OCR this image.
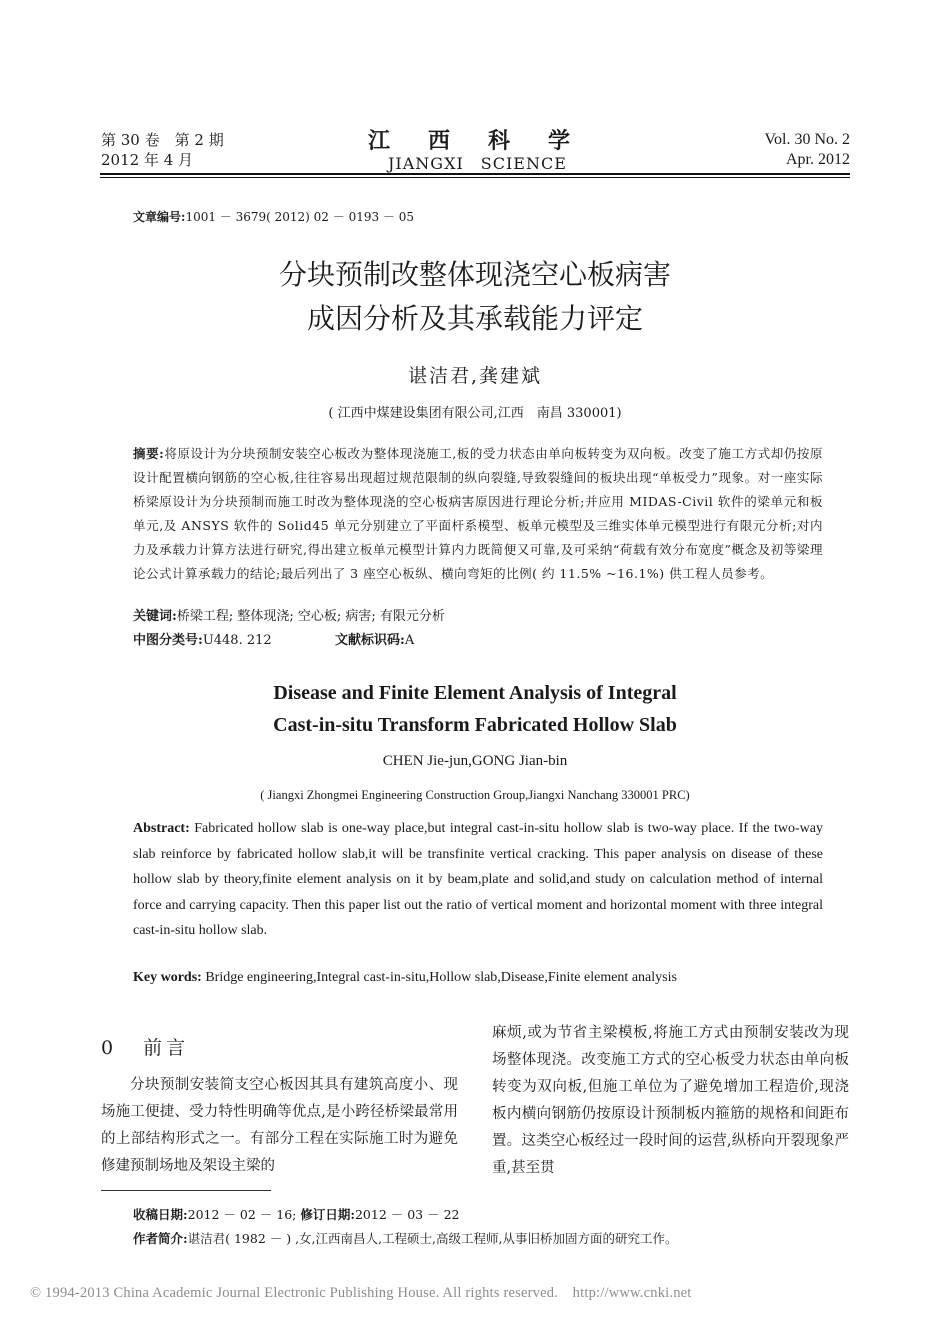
第 30 卷　第 2 期
2012 年 4 月
江西科学
JIANGXI　SCIENCE
Vol. 30 No. 2
Apr. 2012
文章编号:1001 － 3679( 2012) 02 － 0193 － 05
分块预制改整体现浇空心板病害
成因分析及其承载能力评定
谌洁君,龚建斌
( 江西中煤建设集团有限公司,江西　南昌 330001)
摘要:将原设计为分块预制安装空心板改为整体现浇施工,板的受力状态由单向板转变为双向板。改变了施工方式却仍按原设计配置横向钢筋的空心板,往往容易出现超过规范限制的纵向裂缝,导致裂缝间的板块出现“单板受力”现象。对一座实际桥梁原设计为分块预制而施工时改为整体现浇的空心板病害原因进行理论分析;并应用 MIDAS-Civil 软件的梁单元和板单元,及 ANSYS 软件的 Solid45 单元分别建立了平面杆系模型、板单元模型及三维实体单元模型进行有限元分析;对内力及承载力计算方法进行研究,得出建立板单元模型计算内力既简便又可靠,及可采纳“荷载有效分布宽度”概念及初等梁理论公式计算承载力的结论;最后列出了 3 座空心板纵、横向弯矩的比例( 约 11.5% ~16.1%) 供工程人员参考。
关键词:桥梁工程; 整体现浇; 空心板; 病害; 有限元分析
中图分类号:U448. 212	文献标识码:A
Disease and Finite Element Analysis of Integral
Cast-in-situ Transform Fabricated Hollow Slab
CHEN Jie-jun,GONG Jian-bin
( Jiangxi Zhongmei Engineering Construction Group,Jiangxi Nanchang 330001 PRC)
Abstract: Fabricated hollow slab is one-way place,but integral cast-in-situ hollow slab is two-way place. If the two-way slab reinforce by fabricated hollow slab,it will be transfinite vertical cracking. This paper analysis on disease of these hollow slab by theory,finite element analysis on it by beam,plate and solid,and study on calculation method of internal force and carrying capacity. Then this paper list out the ratio of vertical moment and horizontal moment with three integral cast-in-situ hollow slab.
Key words: Bridge engineering,Integral cast-in-situ,Hollow slab,Disease,Finite element analysis
0 前言
分块预制安装简支空心板因其具有建筑高度小、现场施工便捷、受力特性明确等优点,是小跨径桥梁最常用的上部结构形式之一。有部分工程在实际施工时为避免修建预制场地及架设主梁的
麻烦,或为节省主梁模板,将施工方式由预制安装改为现场整体现浇。改变施工方式的空心板受力状态由单向板转变为双向板,但施工单位为了避免增加工程造价,现浇板内横向钢筋仍按原设计预制板内箍筋的规格和间距布置。这类空心板经过一段时间的运营,纵桥向开裂现象严重,甚至贯
收稿日期:2012 － 02 － 16; 修订日期:2012 － 03 － 22
作者简介:谌洁君( 1982 － ) ,女,江西南昌人,工程硕士,高级工程师,从事旧桥加固方面的研究工作。
© 1994-2013 China Academic Journal Electronic Publishing House. All rights reserved.　http://www.cnki.net
